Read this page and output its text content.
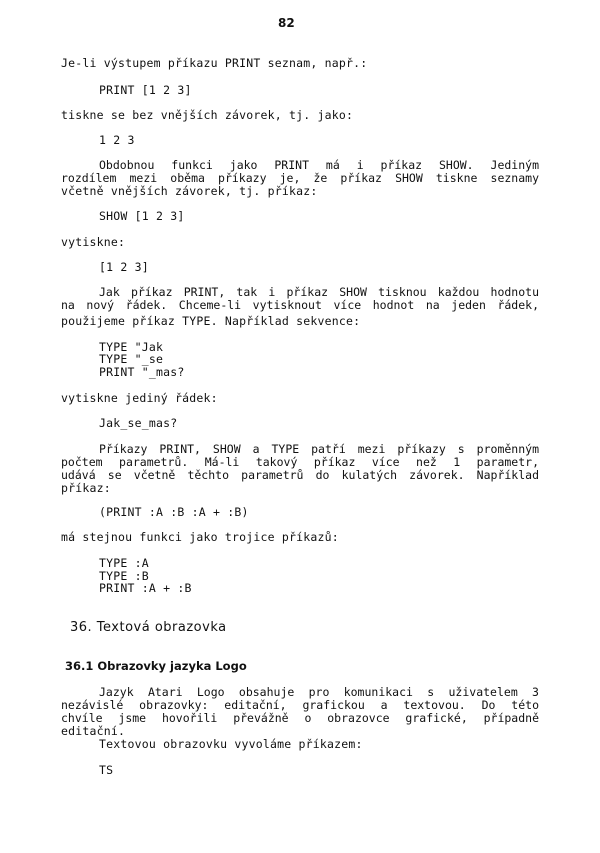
82
Je-li výstupem příkazu PRINT seznam, např.:
PRINT [1 2 3]
tiskne se bez vnějších závorek, tj. jako:
1 2 3
Obdobnou funkci jako PRINT má i příkaz SHOW. Jediným
rozdílem mezi oběma příkazy je, že příkaz SHOW tiskne seznamy
včetně vnějších závorek, tj. příkaz:
SHOW [1 2 3]
vytiskne:
[1 2 3]
Jak příkaz PRINT, tak i příkaz SHOW tisknou každou hodnotu
na nový řádek. Chceme-li vytisknout více hodnot na jeden řádek,
použijeme příkaz TYPE. Například sekvence:
TYPE "Jak
TYPE "_se
PRINT "_mas?
vytiskne jediný řádek:
Jak_se_mas?
Příkazy PRINT, SHOW a TYPE patří mezi příkazy s proměnným
počtem parametrů. Má-li takový příkaz více než 1 parametr,
udává se včetně těchto parametrů do kulatých závorek. Například
příkaz:
(PRINT :A :B :A + :B)
má stejnou funkci jako trojice příkazů:
TYPE :A
TYPE :B
PRINT :A + :B
36. Textová obrazovka
36.1 Obrazovky jazyka Logo
Jazyk Atari Logo obsahuje pro komunikaci s uživatelem 3
nezávislé obrazovky: editační, grafickou a textovou. Do této
chvíle jsme hovořili převážně o obrazovce grafické, případně
editační.
Textovou obrazovku vyvoláme příkazem:
TS
